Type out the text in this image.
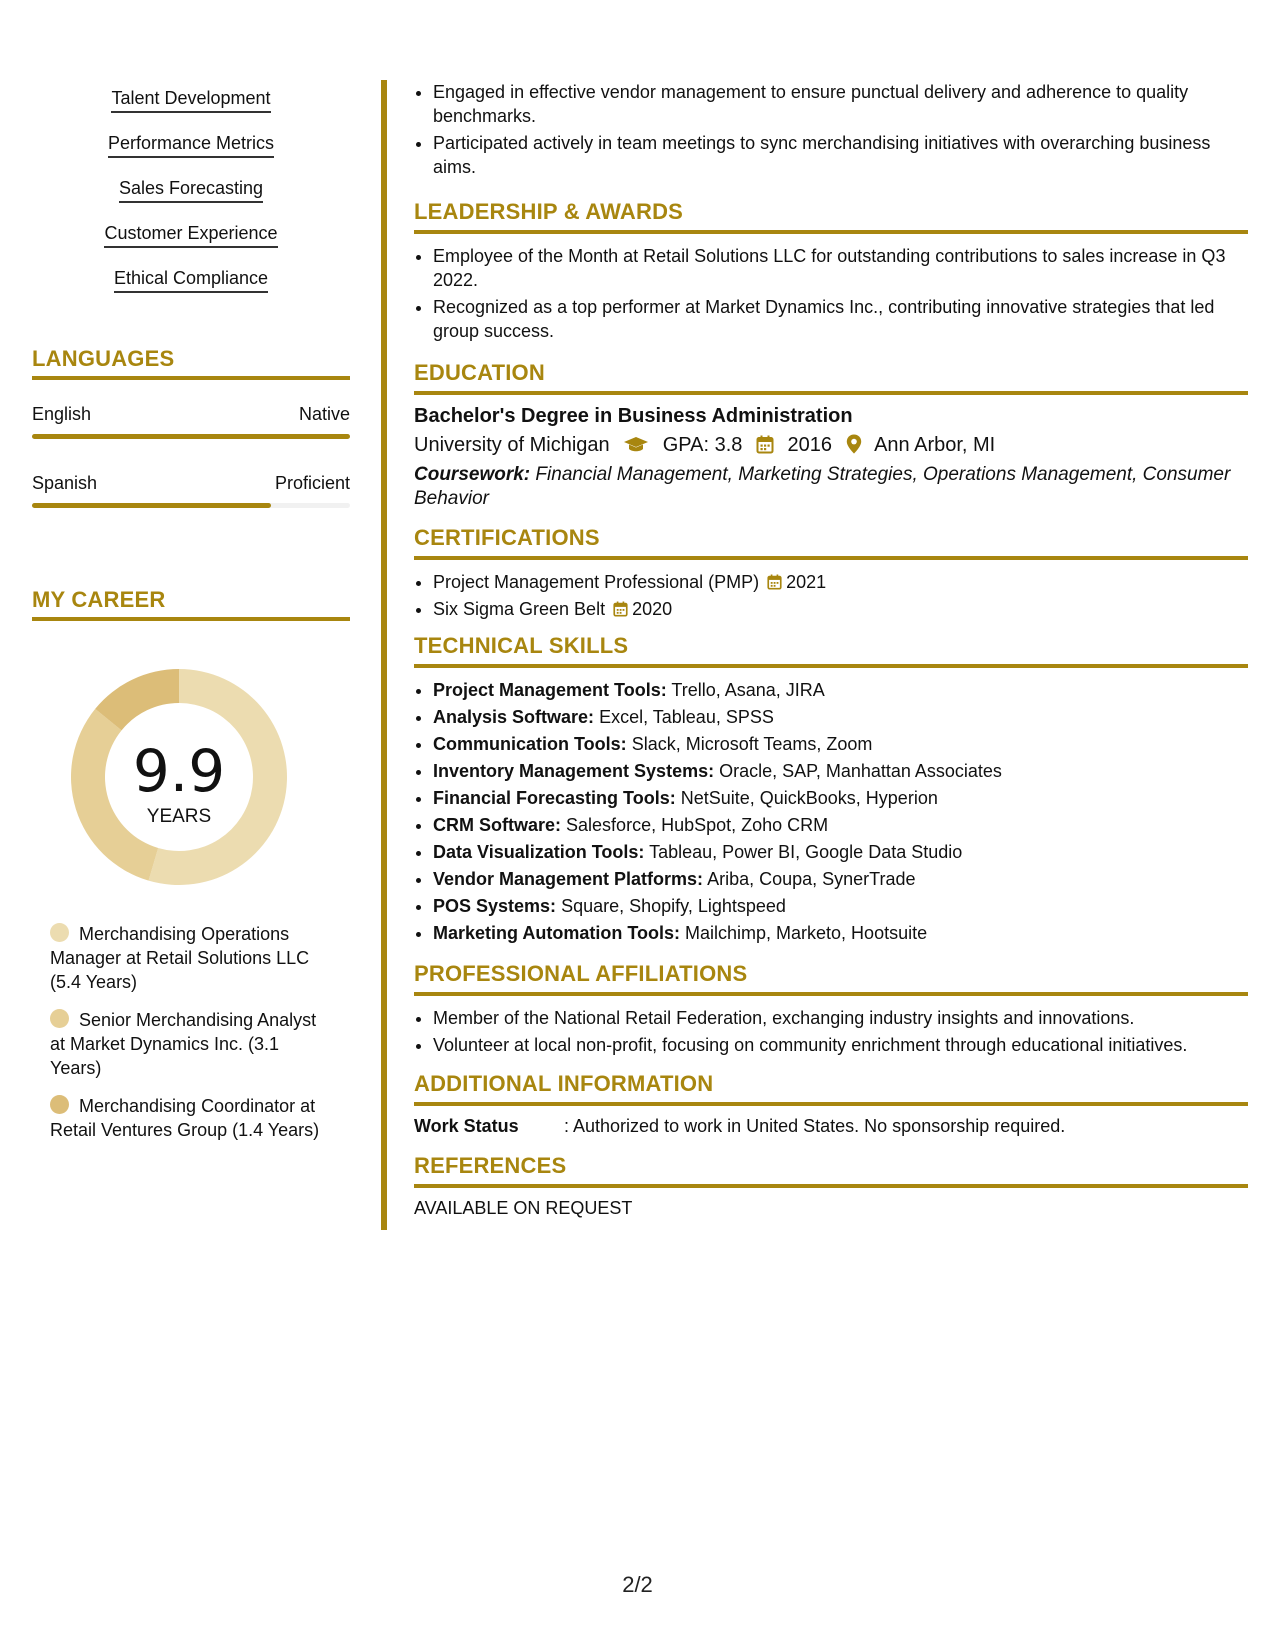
Talent Development
Performance Metrics
Sales Forecasting
Customer Experience
Ethical Compliance
LANGUAGES
English	Native
Spanish	Proficient
MY CAREER
9.9
YEARS
Merchandising Operations Manager at Retail Solutions LLC (5.4 Years)
Senior Merchandising Analyst at Market Dynamics Inc. (3.1 Years)
Merchandising Coordinator at Retail Ventures Group (1.4 Years)
• Engaged in effective vendor management to ensure punctual delivery and adherence to quality benchmarks.
• Participated actively in team meetings to sync merchandising initiatives with overarching business aims.
LEADERSHIP & AWARDS
• Employee of the Month at Retail Solutions LLC for outstanding contributions to sales increase in Q3 2022.
• Recognized as a top performer at Market Dynamics Inc., contributing innovative strategies that led group success.
EDUCATION
Bachelor's Degree in Business Administration
University of Michigan	GPA: 3.8 2016 Ann Arbor, MI
Coursework: Financial Management, Marketing Strategies, Operations Management, Consumer Behavior
CERTIFICATIONS
• Project Management Professional (PMP) 2021
• Six Sigma Green Belt 2020
TECHNICAL SKILLS
• Project Management Tools: Trello, Asana, JIRA
• Analysis Software: Excel, Tableau, SPSS
• Communication Tools: Slack, Microsoft Teams, Zoom
• Inventory Management Systems: Oracle, SAP, Manhattan Associates
• Financial Forecasting Tools: NetSuite, QuickBooks, Hyperion
• CRM Software: Salesforce, HubSpot, Zoho CRM
• Data Visualization Tools: Tableau, Power BI, Google Data Studio
• Vendor Management Platforms: Ariba, Coupa, SynerTrade
• POS Systems: Square, Shopify, Lightspeed
• Marketing Automation Tools: Mailchimp, Marketo, Hootsuite
PROFESSIONAL AFFILIATIONS
• Member of the National Retail Federation, exchanging industry insights and innovations.
• Volunteer at local non-profit, focusing on community enrichment through educational initiatives.
ADDITIONAL INFORMATION
Work Status	: Authorized to work in United States. No sponsorship required.
REFERENCES
AVAILABLE ON REQUEST
2/2
